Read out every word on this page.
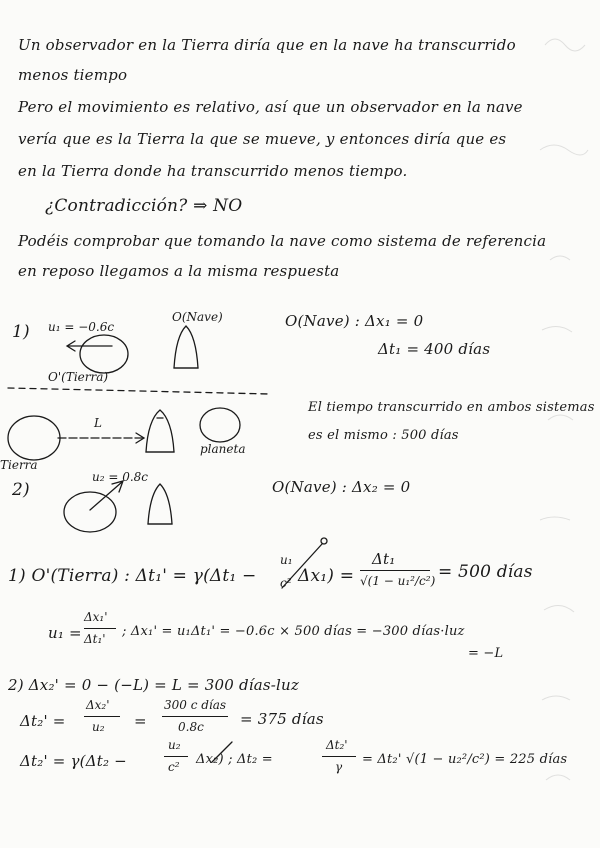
Un observador en la Tierra diría que en la nave ha transcurrido
menos tiempo
Pero el movimiento es relativo, así que un observador en la nave
vería que es la Tierra la que se mueve, y entonces diría que es
en la Tierra donde ha transcurrido menos tiempo.
¿Contradicción? ⇒ NO
Podéis comprobar que tomando la nave como sistema de referencia
en reposo llegamos a la misma respuesta
1) u₁ = −0.6c
O'(Tierra)
O(Nave)	O(Nave) : Δx₁ = 0
Δt₁ = 400 días
L
Tierra
planeta
El tiempo transcurrido en ambos sistemas
es el mismo : 500 días
2)
u₂ = 0.8c
O(Nave) : Δx₂ = 0
1) O'(Tierra) : Δt₁' = γ(Δt₁ −
u₁
c² Δx₁) =
Δt₁
√(1 − u₁²/c²) = 500 días
u₁ =
Δx₁'
Δt₁' ; Δx₁' = u₁Δt₁' = −0.6c × 500 días = −300 días·luz
= −L
2) Δx₂' = 0 − (−L) = L = 300 días-luz
Δt₂' =
Δx₂'
u₂ =
300 c días
0.8c = 375 días
Δt₂' = γ(Δt₂ −
u₂
c² Δx₂) ; Δt₂ =
Δt₂'
γ = Δt₂' √(1 − u₂²/c²) = 225 días
